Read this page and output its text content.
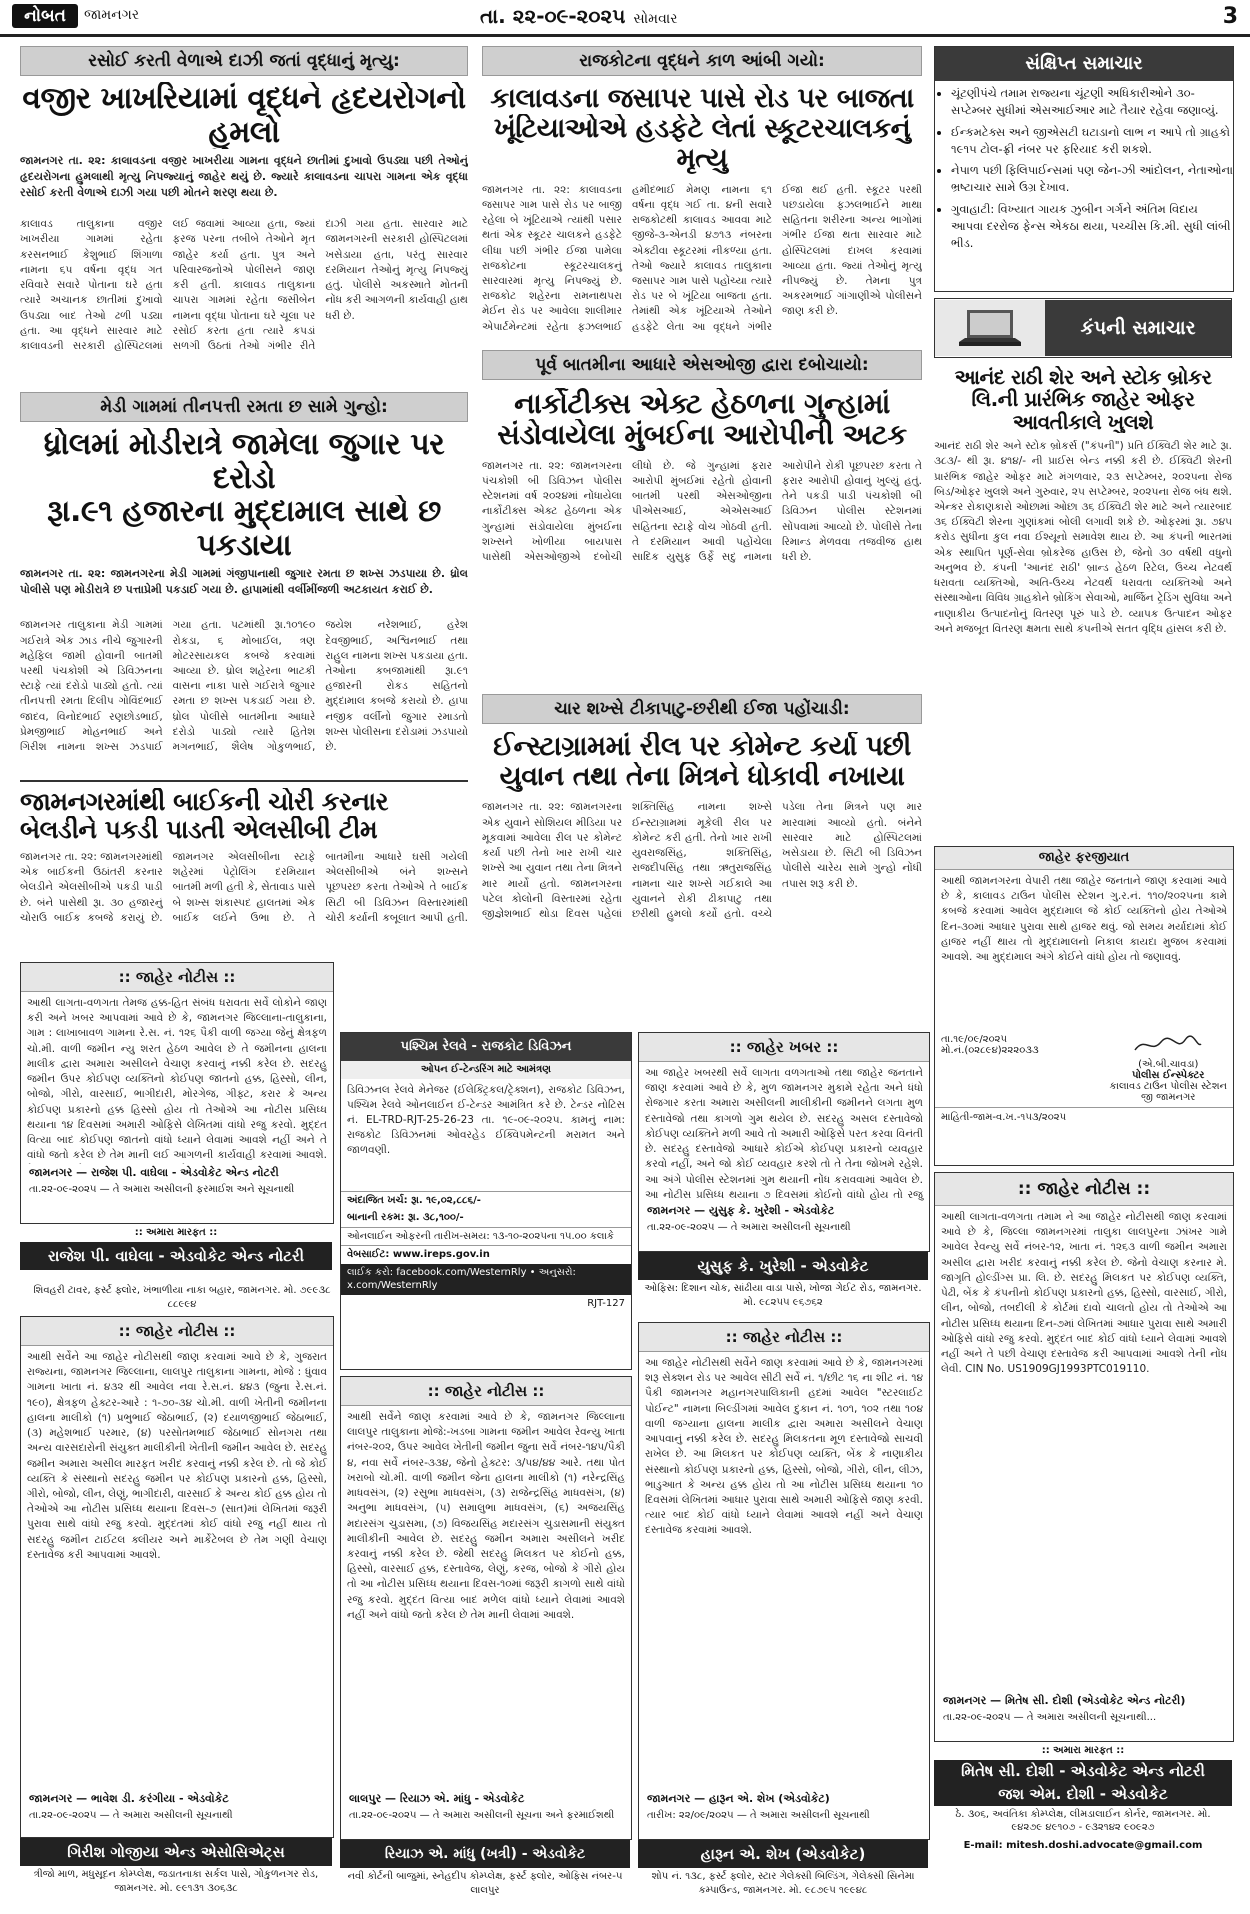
નોબત	જામનગર	તા. ૨૨-૦૯-૨૦૨૫ સોમવાર	3
રસોઈ કરતી વેળાએ દાઝી જતાં વૃદ્ધાનું મૃત્યુ:
વજીર ખાખરિયામાં વૃદ્ધને હૃદયરોગનો હુમલો
જામનગર તા. ૨૨: કાલાવડના વજીર ખાખરીયા ગામના વૃદ્ધને છાતીમાં દુખાવો ઉપડ્યા પછી તેઓનું હૃદયરોગના હુમલાથી મૃત્યુ નિપજ્યાનું જાહેર થયું છે. જ્યારે કાલાવડના ચાપરા ગામના એક વૃદ્ધા રસોઈ કરતી વેળાએ દાઝી ગયા પછી મોતને શરણ થયા છે.
કાલાવડ તાલુકાના વજીર ખાખરીયા ગામમાં રહેતા કરસનભાઈ કેશુભાઈ શિંગાળા નામના ૬૫ વર્ષના વૃદ્ધ ગત રવિવારે સવારે પોતાના ઘરે હતા ત્યારે અચાનક છાતીમાં દુખાવો ઉપડ્યા બાદ તેઓ ઢળી પડ્યા હતા. આ વૃદ્ધને સારવાર માટે કાલાવડની સરકારી હોસ્પિટલમાં લઈ જવામાં આવ્યા હતા, જ્યાં ફરજ પરના તબીબે તેઓને મૃત જાહેર કર્યા હતા. પુત્ર અને પરિવારજનોએ પોલીસને જાણ કરી હતી. કાલાવડ તાલુકાના ચાપરા ગામમાં રહેતા જસીબેન નામના વૃદ્ધા પોતાના ઘરે ચૂલા પર રસોઈ કરતા હતા ત્યારે કપડાં સળગી ઉઠતાં તેઓ ગંભીર રીતે દાઝી ગયા હતા. સારવાર માટે જામનગરની સરકારી હોસ્પિટલમાં ખસેડાયા હતા, પરંતુ સારવાર દરમિયાન તેઓનું મૃત્યુ નિપજ્યું હતું. પોલીસે અકસ્માતે મોતની નોંધ કરી આગળની કાર્યવાહી હાથ ધરી છે.
મેડી ગામમાં તીનપત્તી રમતા છ સામે ગુન્હો:
ધ્રોલમાં મોડીરાત્રે જામેલા જુગાર પર દરોડો
રૂા.૯૧ હજારના મુદ્દામાલ સાથે છ પકડાયા
જામનગર તા. ૨૨: જામનગરના મેડી ગામમાં ગંજીપાનાથી જુગાર રમતા છ શખ્સ ઝડપાયા છે. ધ્રોલ પોલીસે પણ મોડીરાત્રે છ પત્તાપ્રેમી પકડાઈ ગયા છે. હાપામાંથી વર્લીમીંજળી અટકાયત કરાઈ છે.
જામનગર તાલુકાના મેડી ગામમાં ગઈરાત્રે એક ઝાડ નીચે જુગારની મહેફિલ જામી હોવાની બાતમી પરથી પંચકોશી એ ડિવિઝનના સ્ટાફે ત્યાં દરોડો પાડ્યો હતો. ત્યાં તીનપત્તી રમતા દિલીપ ગોવિંદભાઈ જાદવ, વિનોદભાઈ રણછોડભાઈ, પ્રેમજીભાઈ મોહનભાઈ અને ગિરીશ નામના શખ્સ ઝડપાઈ ગયા હતા. પટમાંથી રૂા.૧૦૧૯૦ રોકડા, ૬ મોબાઈલ, ત્રણ મોટરસાયકલ કબજે કરવામાં આવ્યા છે. ધ્રોલ શહેરના ભાટકી વાસના નાકા પાસે ગઈરાત્રે જુગાર રમતા છ શખ્સ પકડાઈ ગયા છે. ધ્રોલ પોલીસે બાતમીના આધારે દરોડો પાડ્યો ત્યારે હિતેશ મગનભાઈ, શૈલેષ ગોકુળભાઈ, જયેશ નરેશભાઈ, હરેશ દેવજીભાઈ, અશ્વિનભાઈ તથા રાહુલ નામના શખ્સ પકડાયા હતા. તેઓના કબજામાંથી રૂા.૯૧ હજારની રોકડ સહિતનો મુદ્દામાલ કબજે કરાયો છે. હાપા નજીક વર્લીનો જુગાર રમાડતો શખ્સ પોલીસના દરોડામાં ઝડપાયો છે.
જામનગરમાંથી બાઈકની ચોરી કરનાર
બેલડીને પકડી પાડતી એલસીબી ટીમ
જામનગર તા. ૨૨: જામનગરમાંથી એક બાઈકની ઉઠાંતરી કરનાર બેલડીને એલસીબીએ પકડી પાડી છે. બંને પાસેથી રૂા. ૩૦ હજારનું ચોરાઉ બાઈક કબજે કરાયું છે. જામનગર એલસીબીના સ્ટાફે શહેરમાં પેટ્રોલિંગ દરમિયાન બાતમી મળી હતી કે, સેતાવાડ પાસે બે શખ્સ શંકાસ્પદ હાલતમાં એક બાઈક લઈને ઉભા છે. તે બાતમીના આધારે ઘસી ગયેલી એલસીબીએ બંને શખ્સને પૂછપરછ કરતા તેઓએ તે બાઈક સિટી બી ડિવિઝન વિસ્તારમાંથી ચોરી કર્યાની કબૂલાત આપી હતી.
:: જાહેર નોટીસ ::
આથી લાગતા-વળગતા તેમજ હક્ક-હિત સંબંધ ધરાવતા સર્વે લોકોને જાણ કરી અને ખબર આપવામાં આવે છે કે, જામનગર જિલ્લાના-તાલુકાના, ગામ : લાખાબાવળ ગામના રે.સ. નં. ૧૨૬ પૈકી વાળી જગ્યા જેનું ક્ષેત્રફળ ચો.મી. વાળી જમીન ન્યુ શરત હેઠળ આવેલ છે તે જમીનના હાલના માલીક દ્વારા અમારા અસીલને વેચાણ કરવાનું નક્કી કરેલ છે. સદરહુ જમીન ઉપર કોઈપણ વ્યક્તિનો કોઈપણ જાતનો હક્ક, હિસ્સો, લીન, બોજો, ગીરો, વારસાઈ, ભાગીદારી, મોરગેજ, ગીફ્ટ, કરાર કે અન્ય કોઈપણ પ્રકારનો હક્ક હિસ્સો હોય તો તેઓએ આ નોટીસ પ્રસિધ્ધ થયાના ૧૪ દિવસમાં અમારી ઓફિસે લેખિતમાં વાંધો રજુ કરવો. મુદ્દત વિત્યા બાદ કોઈપણ જાતનો વાંધો ધ્યાને લેવામાં આવશે નહીં અને તે વાંધો જતો કરેલ છે તેમ માની લઈ આગળની કાર્યવાહી કરવામાં આવશે.
જામનગર — રાજેશ પી. વાઘેલા - એડવોકેટ એન્ડ નોટરી
તા.૨૨-૦૯-૨૦૨૫ — તે અમારા અસીલની ફરમાઈશ અને સૂચનાથી
:: અમારા મારફત ::
રાજેશ પી. વાઘેલા - એડવોકેટ એન્ડ નોટરી
શિવહરી ટાવર, ફર્સ્ટ ફ્લોર, ખંભાળીયા નાકા બહાર, જામનગર. મો. ૭૯૯૩૮ ૮૮૯૯૪
:: જાહેર નોટીસ ::
આથી સર્વેને આ જાહેર નોટીસથી જાણ કરવામાં આવે છે કે, ગુજરાત રાજ્યના, જામનગર જિલ્લાના, લાલપુર તાલુકાના ગામના, મોજે : ધુંવાવ ગામના ખાતા નં. ૪૩૨ થી આવેલ નવા રે.સ.નં. ૪૪૩ (જુના રે.સ.નં. ૧૯૦), ક્ષેત્રફળ હેક્ટર-આરે : ૧-૭૦-૩૪ ચો.મી. વાળી ખેતીની જમીનના હાલના માલીકો (૧) પ્રભુભાઈ જેઠાભાઈ, (૨) દયાળજીભાઈ જેઠાભાઈ, (૩) મહેશભાઈ પરમાર, (૪) પરસોતમભાઈ જેઠાભાઈ સોનગરા તથા અન્ય વારસદારોની સંયુક્ત માલીકીની ખેતીની જમીન આવેલ છે. સદરહુ જમીન અમારા અસીલ મારફત ખરીદ કરવાનું નક્કી કરેલ છે. તો જે કોઈ વ્યક્તિ કે સંસ્થાનો સદરહુ જમીન પર કોઈપણ પ્રકારનો હક્ક, હિસ્સો, ગીરો, બોજો, લીન, લેણું, ભાગીદારી, વારસાઈ કે અન્ય કોઈ હક્ક હોય તો તેઓએ આ નોટીસ પ્રસિધ્ધ થયાના દિવસ-૭ (સાત)માં લેખિતમાં જરૂરી પુરાવા સાથે વાંધો રજુ કરવો. મુદ્દતમાં કોઈ વાંધો રજુ નહીં થાય તો સદરહુ જમીન ટાઈટલ ક્લીયર અને માર્કેટેબલ છે તેમ ગણી વેચાણ દસ્તાવેજ કરી આપવામાં આવશે.
જામનગર — ભાવેશ ડી. કરંગીયા - એડવોકેટ
તા.૨૨-૦૯-૨૦૨૫ — તે અમારા અસીલની સૂચનાથી
ગિરીશ ગોજીયા એન્ડ એસોસિએટ્સ
ત્રીજો માળ, મધુસૂદન કોમ્પ્લેક્ષ, જડાતનાકા સર્કલ પાસે, ગોકુળનગર રોડ, જામનગર. મો. ૯૯૧૩૧ ૩૦૬૩૮
રાજકોટના વૃદ્ધને કાળ આંબી ગયો:
કાલાવડના જસાપર પાસે રોડ પર બાજતા
ખૂંટિયાઓએ હડફેટે લેતાં સ્કૂટરચાલકનું મૃત્યુ
જામનગર તા. ૨૨: કાલાવડના જસાપર ગામ પાસે રોડ પર બાજી રહેલા બે ખૂંટિયાએ ત્યાંથી પસાર થતાં એક સ્કૂટર ચાલકને હડફેટે લીધા પછી ગંભીર ઈજા પામેલા રાજકોટના સ્કૂટરચાલકનું સારવારમાં મૃત્યુ નિપજ્યું છે. રાજકોટ શહેરના રામનાથપરા મેઈન રોડ પર આવેલા શાલીમાર એપાર્ટમેન્ટમાં રહેતા ફઝલભાઈ હમીદભાઈ મેમણ નામના ૬૧ વર્ષના વૃદ્ધ ગઈ તા. ૪ની સવારે રાજકોટથી કાલાવડ આવવા માટે જીજે-૩-એનડી ૪૭૧૩ નંબરના એક્ટીવા સ્કૂટરમાં નીકળ્યા હતા. તેઓ જ્યારે કાલાવડ તાલુકાના જસાપર ગામ પાસે પહોંચ્યા ત્યારે રોડ પર બે ખૂંટિયા બાજતા હતા. તેમાંથી એક ખૂંટિયાએ તેઓને હડફેટે લેતા આ વૃદ્ધને ગંભીર ઈજા થઈ હતી. સ્કૂટર પરથી પછડાયેલા ફઝલભાઈને માથા સહિતના શરીરના અન્ય ભાગોમાં ગંભીર ઈજા થતા સારવાર માટે હોસ્પિટલમાં દાખલ કરવામાં આવ્યા હતા. જ્યાં તેઓનું મૃત્યુ નીપજ્યું છે. તેમના પુત્ર અકરમભાઈ ગાંગાણીએ પોલીસને જાણ કરી છે.
પૂર્વ બાતમીના આધારે એસઓજી દ્વારા દબોચાયો:
નાર્કોટીક્સ એક્ટ હેઠળના ગુન્હામાં
સંડોવાયેલા મુંબઈના આરોપીની અટક
જામનગર તા. ૨૨: જામનગરના પંચકોશી બી ડિવિઝન પોલીસ સ્ટેશનમાં વર્ષ ૨૦૨૪માં નોંધાયેલા નાર્કોટીક્સ એક્ટ હેઠળના એક ગુન્હામાં સંડોવાયેલા મુંબઈના શખ્સને ખોળીયા બાયપાસ પાસેથી એસઓજીએ દબોચી લીધો છે. જે ગુન્હામાં ફરાર આરોપી મુંબઈમાં રહેતો હોવાની બાતમી પરથી એસઓજીના પીએસઆઈ, એએસઆઈ સહિતના સ્ટાફે વોચ ગોઠવી હતી. તે દરમિયાન આવી પહોંચેલા સાદિક યુસુફ ઉર્ફે સદુ નામના આરોપીને રોકી પૂછપરછ કરતા તે ફરાર આરોપી હોવાનું ખુલ્યું હતું. તેને પકડી પાડી પંચકોશી બી ડિવિઝન પોલીસ સ્ટેશનમાં સોંપવામાં આવ્યો છે. પોલીસે તેના રિમાન્ડ મેળવવા તજવીજ હાથ ધરી છે.
ચાર શખ્સે ટીકાપાટુ-છરીથી ઈજા પહોંચાડી:
ઈન્સ્ટાગ્રામમાં રીલ પર કોમેન્ટ કર્યા પછી
યુવાન તથા તેના મિત્રને ધોકાવી નખાયા
જામનગર તા. ૨૨: જામનગરના એક યુવાને સોશિયલ મીડિયા પર મૂકવામાં આવેલા રીલ પર કોમેન્ટ કર્યા પછી તેનો ખાર રાખી ચાર શખ્સે આ યુવાન તથા તેના મિત્રને માર માર્યો હતો. જામનગરના પટેલ કોલોની વિસ્તારમાં રહેતા જીજ્ઞેશભાઈ થોડા દિવસ પહેલાં શક્તિસિંહ નામના શખ્સે ઈન્સ્ટાગ્રામમાં મૂકેલી રીલ પર કોમેન્ટ કરી હતી. તેનો ખાર રાખી યુવરાજસિંહ, શક્તિસિંહ, રાજદીપસિંહ તથા ઋતુરાજસિંહ નામના ચાર શખ્સે ગઈકાલે આ યુવાનને રોકી ઢીકાપાટુ તથા છરીથી હુમલો કર્યો હતો. વચ્ચે પડેલા તેના મિત્રને પણ માર મારવામાં આવ્યો હતો. બંનેને સારવાર માટે હોસ્પિટલમાં ખસેડાયા છે. સિટી બી ડિવિઝન પોલીસે ચારેય સામે ગુન્હો નોંધી તપાસ શરૂ કરી છે.
પશ્ચિમ રેલવે - રાજકોટ ડિવિઝન
ઓપન ઈ-ટેન્ડરિંગ માટે આમંત્રણ
ડિવિઝનલ રેલવે મેનેજર (ઈલેક્ટ્રિકલ/ટ્રેક્શન), રાજકોટ ડિવિઝન, પશ્ચિમ રેલવે ઓનલાઈન ઈ-ટેન્ડર આમંત્રિત કરે છે. ટેન્ડર નોટિસ નં. EL-TRD-RJT-25-26-23 તા. ૧૯-૦૯-૨૦૨૫. કામનું નામ: રાજકોટ ડિવિઝનમાં ઓવરહેડ ઈક્વિપમેન્ટની મરામત અને જાળવણી.
અંદાજિત ખર્ચ: રૂા. ૧૯,૦૨,૮૮૬/-
બાનાની રકમ: રૂા. ૩૮,૧૦૦/-
ઓનલાઈન ઓફરની તારીખ-સમય: ૧૩-૧૦-૨૦૨૫ના ૧૫.૦૦ કલાકે
વેબસાઈટ: www.ireps.gov.in
લાઈક કરો: facebook.com/WesternRly • અનુસરો: x.com/WesternRly
RJT-127
:: જાહેર નોટીસ ::
આથી સર્વેને જાણ કરવામાં આવે છે કે, જામનગર જિલ્લાના લાલપુર તાલુકાના મોજે:-ખડબા ગામના જમીન આવેલ રેવન્યુ ખાતા નંબર-૨૦૨, ઉપર આવેલ ખેતીની જમીન જુના સર્વે નંબર-૧૪૫/પૈકી ૪, નવા સર્વે નંબર-૩૩૪, જેનો હેક્ટર: ૩/૫૪/૪૪ આરે. તથા પોત ખરાબો ચો.મી. વાળી જમીન જેના હાલના માલીકો (૧) નરેન્દ્રસિંહ માધવસંગ, (૨) રસુભા માધવસંગ, (૩) રાજેન્દ્રસિંહ માધવસંગ, (૪) અનુભા માધવસંગ, (૫) સમાલુભા માધવસંગ, (૬) અજયસિંહ મદારસંગ ચુડાસમા, (૭) વિજયસિંહ મદારસંગ ચુડાસમાની સંયુક્ત માલીકીની આવેલ છે. સદરહુ જમીન અમારા અસીલને ખરીદ કરવાનું નક્કી કરેલ છે. જેથી સદરહુ મિલકત પર કોઈનો હક્ક, હિસ્સો, વારસાઈ હક્ક, દસ્તાવેજ, લેણું, કરજ, બોજો કે ગીરો હોય તો આ નોટીસ પ્રસિધ્ધ થયાના દિવસ-૧૦માં જરૂરી કાગળો સાથે વાંધો રજુ કરવો. મુદ્દત વિત્યા બાદ મળેલ વાંધો ધ્યાને લેવામાં આવશે નહીં અને વાંધો જતો કરેલ છે તેમ માની લેવામાં આવશે.
લાલપુર — રિયાઝ એ. માંધુ - એડવોકેટ
તા.૨૨-૦૯-૨૦૨૫ — તે અમારા અસીલની સૂચના અને ફરમાઈશથી
રિયાઝ એ. માંધુ (ખત્રી) - એડવોકેટ
નવી કોર્ટની બાજુમાં, સ્નેહદીપ કોમ્પ્લેક્ષ, ફર્સ્ટ ફ્લોર, ઓફિસ નંબર-૫ લાલપુર
:: જાહેર ખબર ::
આ જાહેર ખબરથી સર્વે લાગતા વળગતાઓ તથા જાહેર જનતાને જાણ કરવામાં આવે છે કે, મુળ જામનગર મુકામે રહેતા અને ધંધો રોજગાર કરતા અમારા અસીલની માલીકીની જમીનને લગતા મુળ દસ્તાવેજો તથા કાગળો ગુમ થયેલ છે. સદરહુ અસલ દસ્તાવેજો કોઈપણ વ્યક્તિને મળી આવે તો અમારી ઓફિસે પરત કરવા વિનંતી છે. સદરહુ દસ્તાવેજો આધારે કોઈએ કોઈપણ પ્રકારનો વ્યવહાર કરવો નહીં, અને જો કોઈ વ્યવહાર કરશે તો તે તેના જોખમે રહેશે. આ અંગે પોલીસ સ્ટેશનમાં ગુમ થયાની નોંધ કરાવવામાં આવેલ છે. આ નોટીસ પ્રસિધ્ધ થયાના ૭ દિવસમાં કોઈનો વાંધો હોય તો રજુ
જામનગર — યુસુફ કે. ખુરેશી - એડવોકેટ
તા.૨૨-૦૯-૨૦૨૫ — તે અમારા અસીલની સૂચનાથી
યુસુફ કે. ખુરેશી - એડવોકેટ
ઓફિસ: દિશાન ચોક, સાંઢીયા વાડા પાસે, ખોજા ગેઈટ રોડ, જામનગર. મો. ૯૮૨૫૫ ૯૬૭૬૨
:: જાહેર નોટીસ ::
આ જાહેર નોટીસથી સર્વેને જાણ કરવામાં આવે છે કે, જામનગરમાં શરૂ સેક્શન રોડ પર આવેલ સીટી સર્વે નં. ૧/છીટ ૧૬ ના શીટ નં. ૧૪ પૈકી જામનગર મહાનગરપાલિકાની હદમાં આવેલ "સ્ટરલાઈટ પોઈન્ટ" નામના બિલ્ડીંગમાં આવેલ દુકાન નં. ૧૦૧, ૧૦૨ તથા ૧૦૪ વાળી જગ્યાના હાલના માલીક દ્વારા અમારા અસીલને વેચાણ આપવાનું નક્કી કરેલ છે. સદરહુ મિલકતના મૂળ દસ્તાવેજો સાચવી રાખેલ છે. આ મિલકત પર કોઈપણ વ્યક્તિ, બેંક કે નાણાકીય સંસ્થાનો કોઈપણ પ્રકારનો હક્ક, હિસ્સો, બોજો, ગીરો, લીન, લીઝ, ભાડુઆત કે અન્ય હક્ક હોય તો આ નોટીસ પ્રસિધ્ધ થયાના ૧૦ દિવસમાં લેખિતમાં આધાર પુરાવા સાથે અમારી ઓફિસે જાણ કરવી. ત્યાર બાદ કોઈ વાંધો ધ્યાને લેવામાં આવશે નહીં અને વેચાણ દસ્તાવેજ કરવામાં આવશે.
જામનગર — હારૂન એ. શેખ (એડવોકેટ)
તારીખ: ૨૨/૦૯/૨૦૨૫ — તે અમારા અસીલની સૂચનાથી
હારૂન એ. શેખ (એડવોકેટ)
શોપ નં. ૧૩૮, ફર્સ્ટ ફ્લોર, સ્ટાર ગેલેક્સી બિલ્ડિંગ, ગેલેક્સી સિનેમા કમ્પાઉન્ડ, જામનગર. મો. ૯૮૭૯૫ ૧૯૯૪૮
સંક્ષિપ્ત સમાચાર
• ચૂંટણીપંચે તમામ રાજ્યના ચૂંટણી અધિકારીઓને ૩૦-સપ્ટેમ્બર સુધીમાં એસઆઈઆર માટે તૈયાર રહેવા જણાવ્યું.
• ઈન્કમટેક્સ અને જીએસટી ઘટાડાનો લાભ ન આપે તો ગ્રાહકો ૧૯૧૫ ટોલ-ફ્રી નંબર પર ફરિયાદ કરી શકશે.
• નેપાળ પછી ફિલિપાઈન્સમાં પણ જેન-ઝી આંદોલન, નેતાઓના ભ્રષ્ટાચાર સામે ઉગ્ર દેખાવ.
• ગુવાહાટી: વિખ્યાત ગાયક ઝુબીન ગર્ગને અંતિમ વિદાય આપવા દરરોજ ફેન્સ એકઠા થયા, પચ્ચીસ કિ.મી. સુધી લાંબી ભીડ.
કંપની સમાચાર
આનંદ રાઠી શેર અને સ્ટોક બ્રોકર લિ.ની પ્રારંભિક જાહેર ઓફર આવતીકાલે ખુલશે
આનંદ રાઠી શેર અને સ્ટોક બ્રોકર્સ ("કંપની") પ્રતિ ઈક્વિટી શેર માટે રૂા. ૩૮૩/- થી રૂા. ૪૧૪/- ની પ્રાઈસ બેન્ડ નક્કી કરી છે. ઈક્વિટી શેરની પ્રારંભિક જાહેર ઓફર માટે મંગળવાર, ૨૩ સપ્ટેમ્બર, ૨૦૨૫ના રોજ બિડ/ઓફર ખુલશે અને ગુરુવાર, ૨૫ સપ્ટેમ્બર, ૨૦૨૫ના રોજ બંધ થશે. એન્કર રોકાણકારો ઓછામાં ઓછા ૩૬ ઈક્વિટી શેર માટે અને ત્યારબાદ ૩૬ ઈક્વિટી શેરના ગુણાંકમાં બોલી લગાવી શકે છે. ઓફરમાં રૂા. ૭૪૫ કરોડ સુધીના કુલ નવા ઈશ્યૂનો સમાવેશ થાય છે. આ કંપની ભારતમાં એક સ્થાપિત પૂર્ણ-સેવા બ્રોકરેજ હાઉસ છે, જેનો ૩૦ વર્ષથી વધુનો અનુભવ છે. કંપની 'આનંદ રાઠી' બ્રાન્ડ હેઠળ રિટેલ, ઉચ્ચ નેટવર્થ ધરાવતા વ્યક્તિઓ, અતિ-ઉચ્ચ નેટવર્થ ધરાવતા વ્યક્તિઓ અને સંસ્થાઓના વિવિધ ગ્રાહકોને બ્રોકિંગ સેવાઓ, માર્જિન ટ્રેડિંગ સુવિધા અને નાણાકીય ઉત્પાદનોનું વિતરણ પૂરું પાડે છે. વ્યાપક ઉત્પાદન ઓફર અને મજબૂત વિતરણ ક્ષમતા સાથે કંપનીએ સતત વૃદ્ધિ હાંસલ કરી છે.
જાહેર ફરજીયાત
આથી જામનગરના વેપારી તથા જાહેર જનતાને જાણ કરવામાં આવે છે કે, કાલાવડ ટાઉન પોલીસ સ્ટેશન ગુ.ર.નં. ૧૧૦/૨૦૨૫ના કામે કબજે કરવામાં આવેલ મુદ્દામાલ જે કોઈ વ્યક્તિનો હોય તેઓએ દિન-૩૦માં આધાર પુરાવા સાથે હાજર થવું. જો સમય મર્યાદામાં કોઈ હાજર નહીં થાય તો મુદ્દામાલનો નિકાલ કાયદા મુજબ કરવામાં આવશે. આ મુદ્દામાલ અંગે કોઈને વાંધો હોય તો જણાવવું.
તા.૧૯/૦૯/૨૦૨૫
મો.નં.(૦૨૮૯૪)૨૨૨૦૩૩
(એ.બી.ચાવડા)
પોલીસ ઈન્સ્પેક્ટર
કાલાવડ ટાઉન પોલીસ સ્ટેશન
જી જામનગર
માહિતી-જામ-વ.ખ.-૧૫૩/૨૦૨૫
:: જાહેર નોટીસ ::
આથી લાગતા-વળગતા તમામ ને આ જાહેર નોટીસથી જાણ કરવામાં આવે છે કે, જિલ્લા જામનગરમાં તાલુકા લાલપુરના ઝાંખર ગામે આવેલ રેવન્યુ સર્વે નંબર-૧૨, ખાતા નં. ૧૨૬૩ વાળી જમીન અમારા અસીલ દ્વારા ખરીદ કરવાનું નક્કી કરેલ છે. જેનો વેચાણ કરનાર મે. જાગૃતિ હોલ્ડીંગ્સ પ્રા. લિ. છે. સદરહુ મિલકત પર કોઈપણ વ્યક્તિ, પેઢી, બેંક કે કંપનીનો કોઈપણ પ્રકારનો હક્ક, હિસ્સો, વારસાઈ, ગીરો, લીન, બોજો, તબદીલી કે કોર્ટમાં દાવો ચાલતો હોય તો તેઓએ આ નોટીસ પ્રસિધ્ધ થયાના દિન-૭માં લેખિતમાં આધાર પુરાવા સાથે અમારી ઓફિસે વાંધો રજુ કરવો. મુદ્દત બાદ કોઈ વાંધો ધ્યાને લેવામાં આવશે નહીં અને તે પછી વેચાણ દસ્તાવેજ કરી આપવામાં આવશે તેની નોંધ લેવી. CIN No. US1909GJ1993PTC019110.
જામનગર — મિતેષ સી. દોશી (એડવોકેટ એન્ડ નોટરી)
તા.૨૨-૦૯-૨૦૨૫ — તે અમારા અસીલની સૂચનાથી...
:: અમારા મારફત ::
મિતેષ સી. દોશી - એડવોકેટ એન્ડ નોટરી
જશ એમ. દોશી - એડવોકેટ
ઠે. ૩૦૬, અવંતિકા કોમ્પ્લેક્ષ, લીમડાલાઈન કોર્નર, જામનગર. મો. ૯૪૨૭૯ ૪૯૧૦૭ - ૯૩૨૧૪૨ ૯૦૯૨૭
E-mail: mitesh.doshi.advocate@gmail.com
